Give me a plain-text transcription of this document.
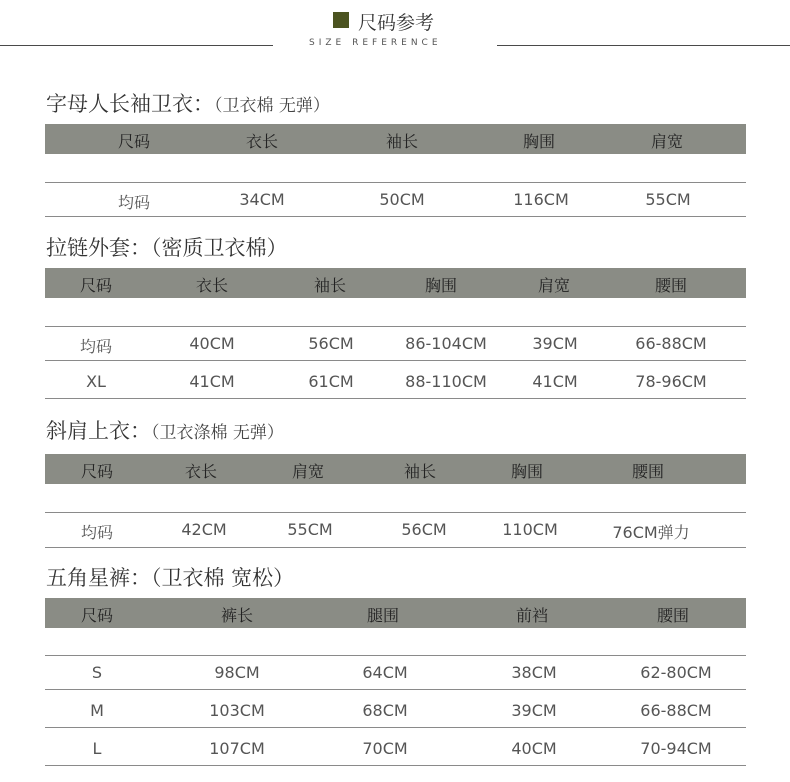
尺码参考
SIZE REFERENCE
字母人长袖卫衣：（卫衣棉 无弹）
尺码	衣长	袖长	胸围	肩宽
均码	34CM	50CM	116CM	55CM
拉链外套：（密质卫衣棉）
尺码	衣长	袖长	胸围	肩宽	腰围
均码	40CM	56CM	86-104CM	39CM	66-88CM
XL	41CM	61CM	88-110CM	41CM	78-96CM
斜肩上衣：（卫衣涤棉 无弹）
尺码	衣长	肩宽	袖长	胸围	腰围
均码	42CM	55CM	56CM	110CM	76CM弹力
五角星裤：（卫衣棉 宽松）
尺码	裤长	腿围	前裆	腰围
S	98CM	64CM	38CM	62-80CM
M	103CM	68CM	39CM	66-88CM
L	107CM	70CM	40CM	70-94CM
